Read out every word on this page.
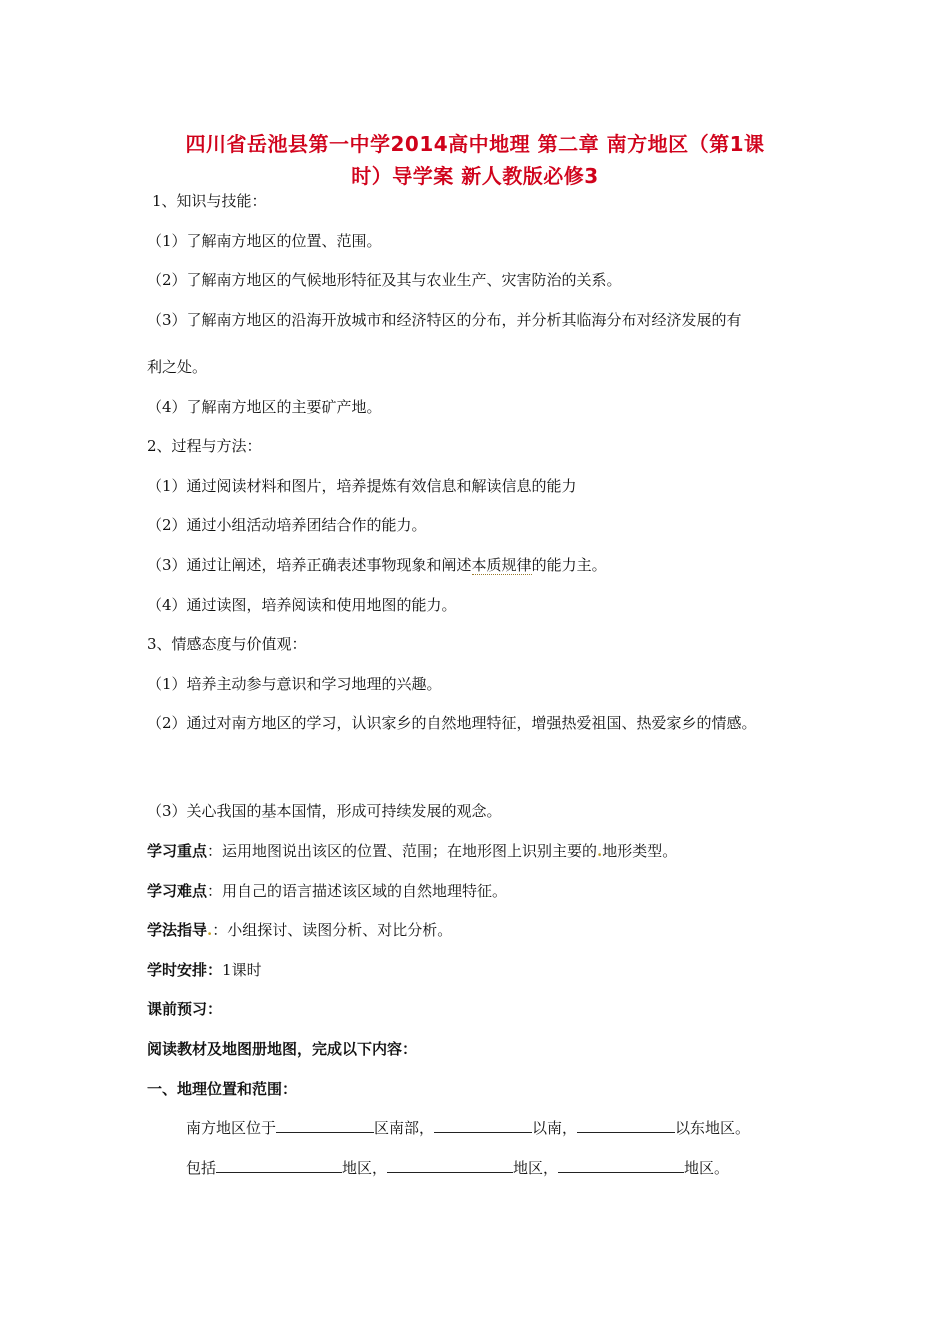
四川省岳池县第一中学2014高中地理 第二章 南方地区（第1课
时）导学案 新人教版必修3
1、知识与技能：
（1）了解南方地区的位置、范围。
（2）了解南方地区的气候地形特征及其与农业生产、灾害防治的关系。
（3）了解南方地区的沿海开放城市和经济特区的分布，并分析其临海分布对经济发展的有
利之处。
（4）了解南方地区的主要矿产地。
2、过程与方法：
（1）通过阅读材料和图片，培养提炼有效信息和解读信息的能力
（2）通过小组活动培养团结合作的能力。
（3）通过让阐述，培养正确表述事物现象和阐述本质规律的能力主。
（4）通过读图，培养阅读和使用地图的能力。
3、情感态度与价值观：
（1）培养主动参与意识和学习地理的兴趣。
（2）通过对南方地区的学习，认识家乡的自然地理特征，增强热爱祖国、热爱家乡的情感。
（3）关心我国的基本国情，形成可持续发展的观念。
学习重点：运用地图说出该区的位置、范围；在地形图上识别主要的.地形类型。
学习难点：用自己的语言描述该区域的自然地理特征。
学法指导.：小组探讨、读图分析、对比分析。
学时安排：1课时
课前预习：
阅读教材及地图册地图，完成以下内容：
一、地理位置和范围：
南方地区位于	区南部，	以南，	以东地区。
包括	地区，	地区，	地区。
